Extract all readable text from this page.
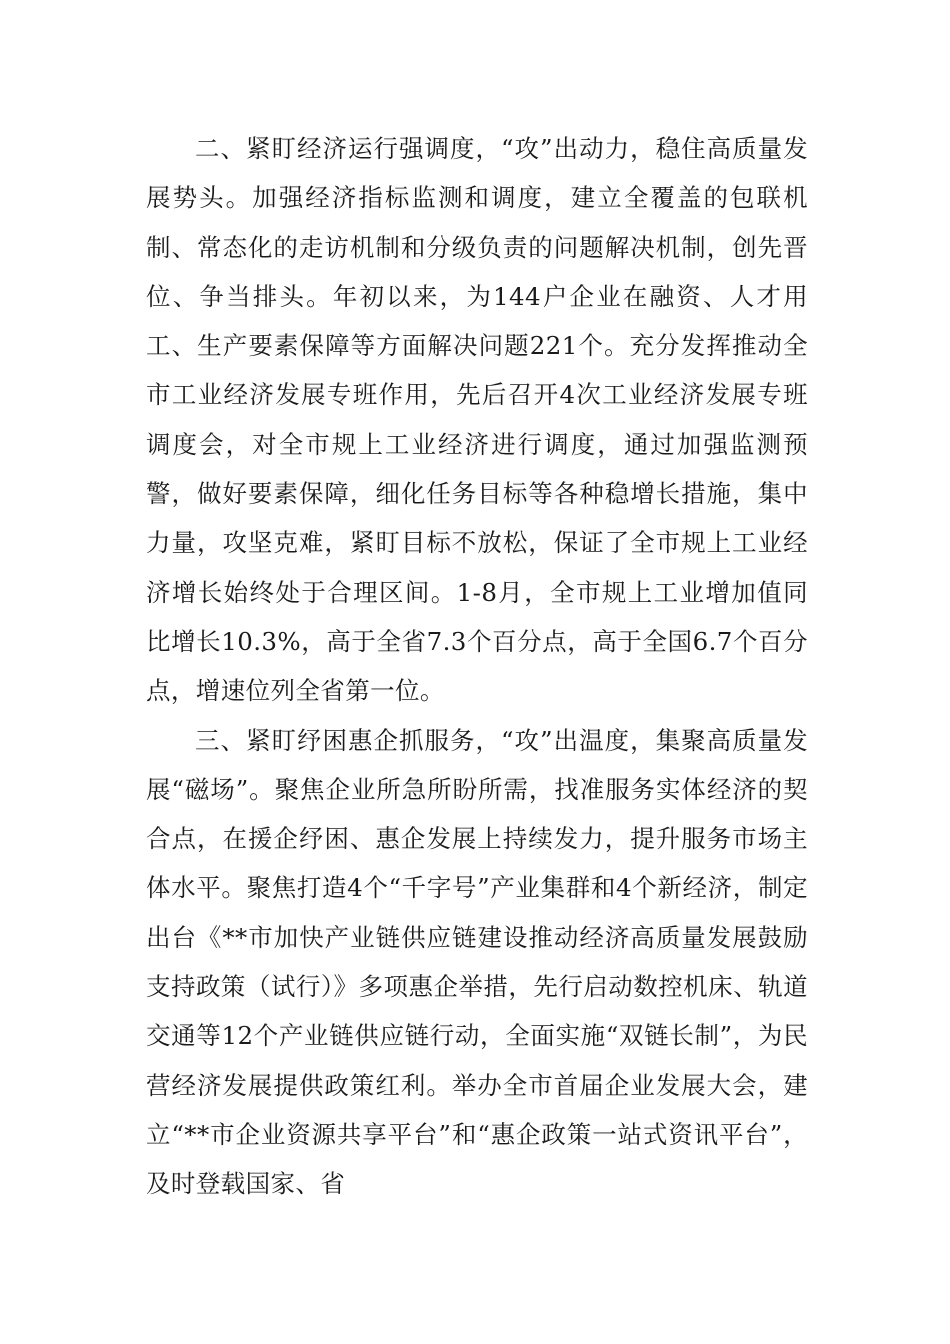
二、紧盯经济运行强调度，“攻”出动力，稳住高质量发展势头。加强经济指标监测和调度，建立全覆盖的包联机制、常态化的走访机制和分级负责的问题解决机制，创先晋位、争当排头。年初以来，为144户企业在融资、人才用工、生产要素保障等方面解决问题221个。充分发挥推动全市工业经济发展专班作用，先后召开4次工业经济发展专班调度会，对全市规上工业经济进行调度，通过加强监测预警，做好要素保障，细化任务目标等各种稳增长措施，集中力量，攻坚克难，紧盯目标不放松，保证了全市规上工业经济增长始终处于合理区间。1-8月，全市规上工业增加值同比增长10.3%，高于全省7.3个百分点，高于全国6.7个百分点，增速位列全省第一位。

三、紧盯纾困惠企抓服务，“攻”出温度，集聚高质量发展“磁场”。聚焦企业所急所盼所需，找准服务实体经济的契合点，在援企纾困、惠企发展上持续发力，提升服务市场主体水平。聚焦打造4个“千字号”产业集群和4个新经济，制定出台《**市加快产业链供应链建设推动经济高质量发展鼓励支持政策（试行）》多项惠企举措，先行启动数控机床、轨道交通等12个产业链供应链行动，全面实施“双链长制”，为民营经济发展提供政策红利。举办全市首届企业发展大会，建立“**市企业资源共享平台”和“惠企政策一站式资讯平台”，及时登载国家、省
